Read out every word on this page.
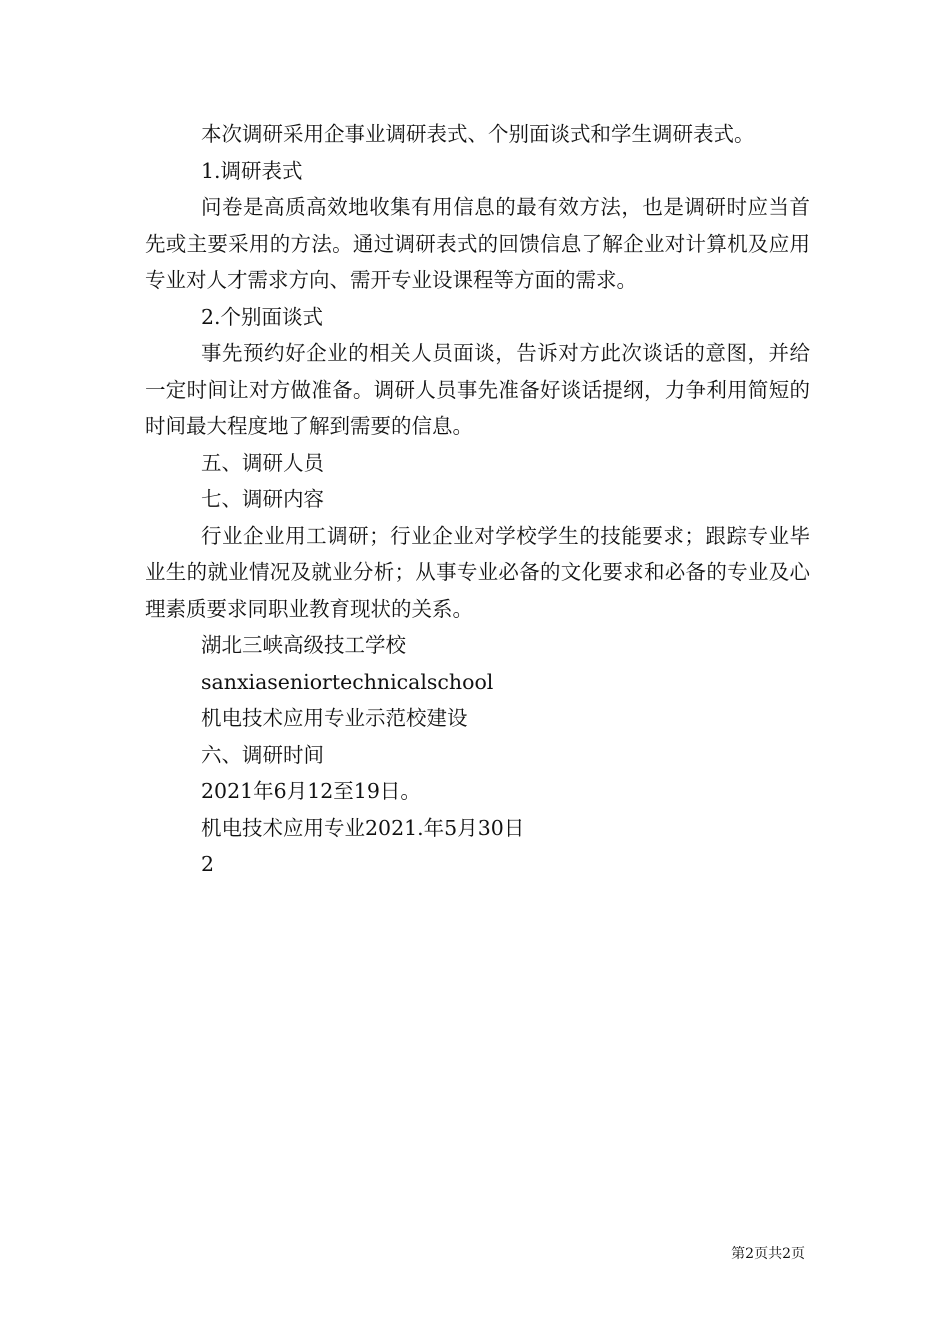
本次调研采用企事业调研表式、个别面谈式和学生调研表式。

1.调研表式

问卷是高质高效地收集有用信息的最有效方法，也是调研时应当首先或主要采用的方法。通过调研表式的回馈信息了解企业对计算机及应用专业对人才需求方向、需开专业设课程等方面的需求。

2.个别面谈式

事先预约好企业的相关人员面谈，告诉对方此次谈话的意图，并给一定时间让对方做准备。调研人员事先准备好谈话提纲，力争利用简短的时间最大程度地了解到需要的信息。

五、调研人员

七、调研内容

行业企业用工调研；行业企业对学校学生的技能要求；跟踪专业毕业生的就业情况及就业分析；从事专业必备的文化要求和必备的专业及心理素质要求同职业教育现状的关系。

湖北三峡高级技工学校

sanxiaseniortechnicalschool

机电技术应用专业示范校建设

六、调研时间

2021年6月12至19日。

机电技术应用专业2021.年5月30日

2

第2页共2页
